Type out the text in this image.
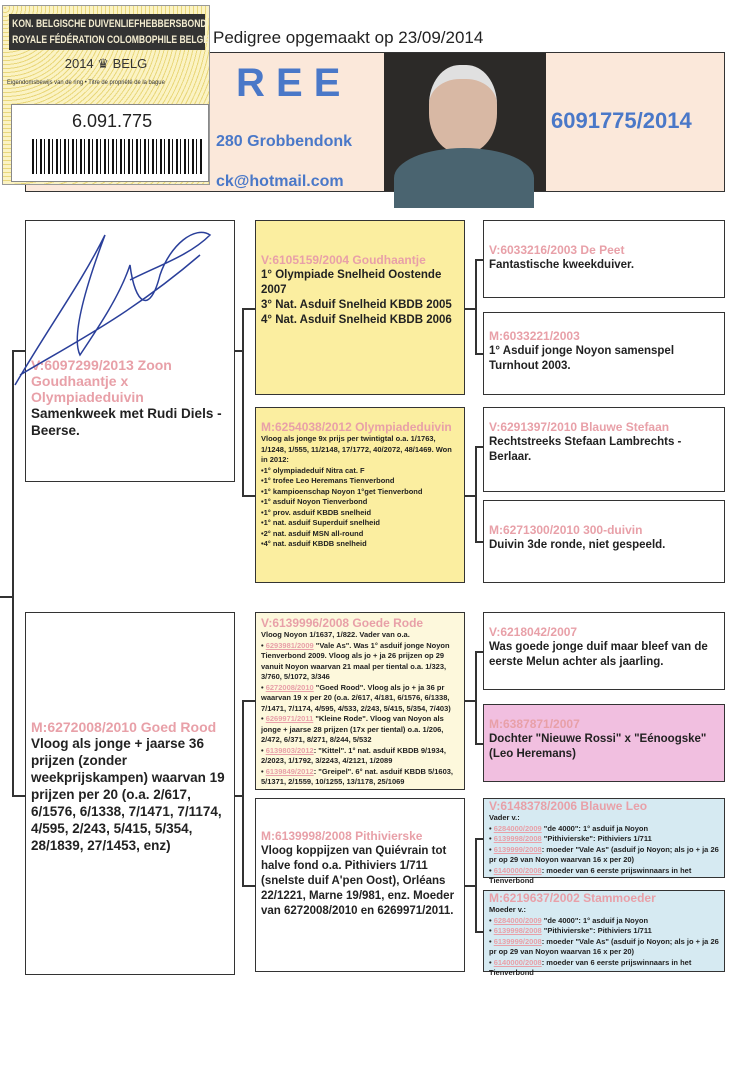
KON. BELGISCHE DUIVENLIEFHEBBERSBOND
ROYALE FÉDÉRATION COLOMBOPHILE BELGE
2014 ♛ BELG
Eigendomsbewijs van de ring • Titre de propriété de la bague
6.091.775
Pedigree opgemaakt op 23/09/2014
R E E
280 Grobbendonk
ck@hotmail.com
6091775/2014
V:6097299/2013 Zoon Goudhaantje x Olympiadeduivin
Samenkweek met Rudi Diels - Beerse.
M:6272008/2010 Goed Rood
Vloog als jonge + jaarse 36 prijzen (zonder weekprijskampen) waarvan 19 prijzen per 20 (o.a. 2/617, 6/1576, 6/1338, 7/1471, 7/1174, 4/595, 2/243, 5/415, 5/354, 28/1839, 27/1453, enz)
V:6105159/2004 Goudhaantje
1° Olympiade Snelheid Oostende 2007
3° Nat. Asduif Snelheid KBDB 2005
4° Nat. Asduif Snelheid KBDB 2006
M:6254038/2012 Olympiadeduivin
Vloog als jonge 9x prijs per twintigtal o.a. 1/1763, 1/1248, 1/555, 11/2148, 17/1772, 40/2072, 48/1469. Won in 2012:
• 1° olympiadeduif Nitra cat. F
• 1° trofee Leo Heremans Tienverbond
• 1° kampioenschap Noyon 1°get Tienverbond
• 1° asduif Noyon Tienverbond
• 1° prov. asduif KBDB snelheid
• 1° nat. asduif Superduif snelheid
• 2° nat. asduif MSN all-round
• 4° nat. asduif KBDB snelheid
V:6139996/2008 Goede Rode
Vloog Noyon 1/1637, 1/822. Vader van o.a.
• 6293981/2009 "Vale As". Was 1° asduif jonge Noyon Tienverbond 2009. Vloog als jo + ja 26 prijzen op 29 vanuit Noyon waarvan 21 maal per tiental o.a. 1/323, 3/760, 5/1072, 3/346
• 6272008/2010 "Goed Rood". Vloog als jo + ja 36 pr waarvan 19 x per 20 (o.a. 2/617, 4/181, 6/1576, 6/1338, 7/1471, 7/1174, 4/595, 4/533, 2/243, 5/415, 5/354, 7/403)
• 6269971/2011 "Kleine Rode". Vloog van Noyon als jonge + jaarse 28 prijzen (17x per tiental) o.a. 1/206, 2/472, 6/371, 8/271, 8/244, 5/532
• 6139803/2012: "Kittel". 1° nat. asduif KBDB 9/1934, 2/2023, 1/1792, 3/2243, 4/2121, 1/2089
• 6139849/2012: "Greipel". 6° nat. asduif KBDB 5/1603, 5/1371, 2/1559, 10/1255, 13/1178, 25/1069
M:6139998/2008 Pithivierske
Vloog koppijzen van Quiévrain tot halve fond o.a. Pithiviers 1/711 (snelste duif A'pen Oost), Orléans 22/1221, Marne 19/981, enz. Moeder van 6272008/2010 en 6269971/2011.
V:6033216/2003 De Peet
Fantastische kweekduiver.
M:6033221/2003
1° Asduif jonge Noyon samenspel Turnhout 2003.
V:6291397/2010 Blauwe Stefaan
Rechtstreeks Stefaan Lambrechts - Berlaar.
M:6271300/2010 300-duivin
Duivin 3de ronde, niet gespeeld.
V:6218042/2007
Was goede jonge duif maar bleef van de eerste Melun achter als jaarling.
M:6387871/2007
Dochter "Nieuwe Rossi" x "Eénoogske" (Leo Heremans)
V:6148378/2006 Blauwe Leo
Vader v.:
• 6284000/2009 "de 4000": 1° asduif ja Noyon
• 6139998/2008 "Pithivierske": Pithiviers 1/711
• 6139999/2008: moeder "Vale As" (asduif jo Noyon; als jo + ja 26 pr op 29 van Noyon waarvan 16 x per 20)
• 6140000/2008: moeder van 6 eerste prijswinnaars in het Tienverbond
M:6219637/2002 Stammoeder
Moeder v.:
• 6284000/2009 "de 4000": 1° asduif ja Noyon
• 6139998/2008 "Pithivierske": Pithiviers 1/711
• 6139999/2008: moeder "Vale As" (asduif jo Noyon; als jo + ja 26 pr op 29 van Noyon waarvan 16 x per 20)
• 6140000/2008: moeder van 6 eerste prijswinnaars in het Tienverbond
